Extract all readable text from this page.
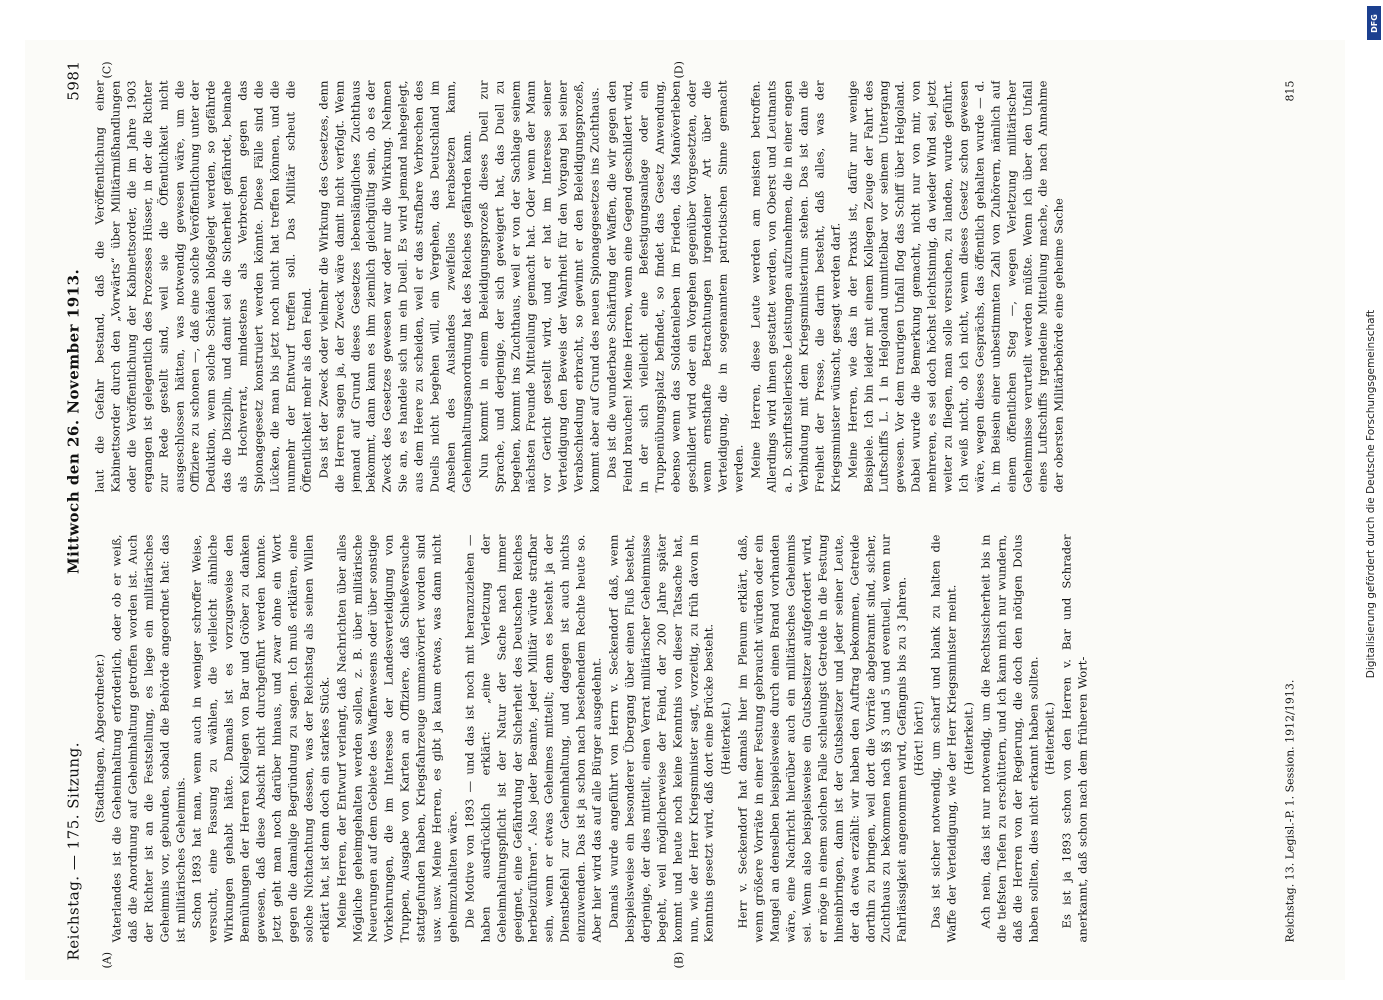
Reichstag. — 175. Sitzung.
Mittwoch den 26. November 1913.
5981
(A)	(B)
(C)	(D)

(Stadthagen, Abgeordneter.) Vaterlandes ist die Geheimhaltung erforderlich, oder ob er weiß, daß die Anordnung auf Geheimhaltung getroffen worden ist. Auch der Richter ist an die Feststellung, es liege ein militärisches Geheimnis vor, gebunden, sobald die Behörde angeordnet hat: das ist militärisches Geheimnis. Schon 1893 hat man, wenn auch in weniger schroffer Weise, versucht, eine Fassung zu wählen, die vielleicht ähnliche Wirkungen gehabt hätte. Damals ist es vorzugsweise den Bemühungen der Herren Kollegen von Bar und Gröber zu danken gewesen, daß diese Absicht nicht durchgeführt werden konnte. Jetzt geht man noch darüber hinaus, und zwar ohne ein Wort gegen die damalige Begründung zu sagen. Ich muß erklären, eine solche Nichtachtung dessen, was der Reichstag als seinen Willen erklärt hat, ist denn doch ein starkes Stück. Meine Herren, der Entwurf verlangt, daß Nachrichten über alles Mögliche geheimgehalten werden sollen, z. B. über militärische Neuerungen auf dem Gebiete des Waffenwesens oder über sonstige Vorkehrungen, die im Interesse der Landesverteidigung von Truppen, Ausgabe von Karten an Offiziere, daß Schießversuche stattgefunden haben, Kriegsfahrzeuge ummanövriert worden sind usw. usw. Meine Herren, es gibt ja kaum etwas, was dann nicht geheimzuhalten wäre. Die Motive von 1893 — und das ist noch mit heranzuziehen — haben ausdrücklich erklärt: „eine Verletzung der Geheimhaltungspflicht ist der Natur der Sache nach immer geeignet, eine Gefährdung der Sicherheit des Deutschen Reiches herbeizuführen“. Also jeder Beamte, jeder Militär würde strafbar sein, wenn er etwas Geheimes mitteilt; denn es besteht ja der Dienstbefehl zur Geheimhaltung, und dagegen ist auch nichts einzuwenden. Das ist ja schon nach bestehendem Rechte heute so. Aber hier wird das auf alle Bürger ausgedehnt. Damals wurde angeführt von Herrn v. Seckendorf daß, wenn beispielsweise ein besonderer Übergang über einen Fluß besteht, derjenige, der dies mitteilt, einen Verrat militärischer Geheimnisse begeht, weil möglicherweise der Feind, der 200 Jahre später kommt und heute noch keine Kenntnis von dieser Tatsache hat, nun, wie der Herr Kriegsminister sagt, vorzeitig, zu früh davon in Kenntnis gesetzt wird, daß dort eine Brücke besteht. (Heiterkeit.) Herr v. Seckendorf hat damals hier im Plenum erklärt, daß, wenn größere Vorräte in einer Festung gebraucht würden oder ein Mangel an denselben beispielsweise durch einen Brand vorhanden wäre, eine Nachricht hierüber auch ein militärisches Geheimnis sei. Wenn also beispielsweise ein Gutsbesitzer aufgefordert wird, er möge in einem solchen Falle schleunigst Getreide in die Festung hineinbringen, dann ist der Gutsbesitzer und jeder seiner Leute, der da etwa erzählt: wir haben den Auftrag bekommen, Getreide dorthin zu bringen, weil dort die Vorräte abgebrannt sind, sicher, Zuchthaus zu bekommen nach §§ 3 und 5 und eventuell, wenn nur Fahrlässigkeit angenommen wird, Gefängnis bis zu 3 Jahren. (Hört! hört!) Das ist sicher notwendig, um scharf und blank zu halten die Waffe der Verteidigung, wie der Herr Kriegsminister meint. (Heiterkeit.) Ach nein, das ist nur notwendig, um die Rechtssicherheit bis in die tiefsten Tiefen zu erschüttern, und ich kann mich nur wundern, daß die Herren von der Regierung, die doch den nötigen Dolus haben sollten, dies nicht erkannt haben sollten. (Heiterkeit.) Es ist ja 1893 schon von den Herren v. Bar und Schrader anerkannt, daß schon nach dem früheren Wort-

laut die Gefahr bestand, daß die Veröffentlichung einer Kabinettsorder durch den „Vorwärts“ über Militärmißhandlungen oder die Veröffentlichung der Kabinettsorder, die im Jahre 1903 ergangen ist gelegentlich des Prozesses Hüsser, in der die Richter zur Rede gestellt sind, weil sie die Öffentlichkeit nicht ausgeschlossen hätten, was notwendig gewesen wäre, um die Offiziere zu schonen —, daß eine solche Veröffentlichung unter der Deduktion, wenn solche Schäden bloßgelegt werden, so gefährde das die Disziplin, und damit sei die Sicherheit gefährdet, beinahe als Hochverrat, mindestens als Verbrechen gegen das Spionagegesetz konstruiert werden könnte. Diese Fälle sind die Lücken, die man bis jetzt noch nicht hat treffen können, und die nunmehr der Entwurf treffen soll. Das Militär scheut die Öffentlichkeit mehr als den Feind. Das ist der Zweck oder vielmehr die Wirkung des Gesetzes, denn die Herren sagen ja, der Zweck wäre damit nicht verfolgt. Wenn jemand auf Grund dieses Gesetzes lebenslängliches Zuchthaus bekommt, dann kann es ihm ziemlich gleichgültig sein, ob es der Zweck des Gesetzes gewesen war oder nur die Wirkung. Nehmen Sie an, es handele sich um ein Duell. Es wird jemand nahegelegt, aus dem Heere zu scheiden, weil er das strafbare Verbrechen des Duells nicht begehen will, ein Vergehen, das Deutschland im Ansehen des Auslandes zweifellos herabsetzen kann, Geheimhaltungsanordnung hat des Reiches gefährden kann. Nun kommt in einem Beleidigungsprozeß dieses Duell zur Sprache, und derjenige, der sich geweigert hat, das Duell zu begehen, kommt ins Zuchthaus, weil er von der Sachlage seinem nächsten Freunde Mitteilung gemacht hat. Oder wenn der Mann vor Gericht gestellt wird, und er hat im Interesse seiner Verteidigung den Beweis der Wahrheit für den Vorgang bei seiner Verabschiedung erbracht, so gewinnt er den Beleidigungsprozeß, kommt aber auf Grund des neuen Spionagegesetzes ins Zuchthaus. Das ist die wunderbare Schärfung der Waffen, die wir gegen den Feind brauchen! Meine Herren, wenn eine Gegend geschildert wird, in der sich vielleicht eine Befestigungsanlage oder ein Truppenübungsplatz befindet, so findet das Gesetz Anwendung, ebenso wenn das Soldatenleben im Frieden, das Manöverleben geschildert wird oder ein Vorgehen gegenüber Vorgesetzten, oder wenn ernsthafte Betrachtungen irgendeiner Art über die Verteidigung, die in sogenanntem patriotischen Sinne gemacht werden. Meine Herren, diese Leute werden am meisten betroffen. Allerdings wird ihnen gestattet werden, von Oberst und Leutnants a. D. schriftstellerische Leistungen aufzunehmen, die in einer engen Verbindung mit dem Kriegsministerium stehen. Das ist dann die Freiheit der Presse, die darin besteht, daß alles, was der Kriegsminister wünscht, gesagt werden darf. Meine Herren, wie das in der Praxis ist, dafür nur wenige Beispiele. Ich bin leider mit einem Kollegen Zeuge der Fahrt des Luftschiffs L. 1 in Helgoland unmittelbar vor seinem Untergang gewesen. Vor dem traurigen Unfall flog das Schiff über Helgoland. Dabei wurde die Bemerkung gemacht, nicht nur von mir, von mehreren, es sei doch höchst leichtsinnig, da wieder Wind sei, jetzt weiter zu fliegen, man solle versuchen, zu landen, wurde geführt. Ich weiß nicht, ob ich nicht, wenn dieses Gesetz schon gewesen wäre, wegen dieses Gesprächs, das öffentlich gehalten wurde — d. h. im Beisein einer unbestimmten Zahl von Zuhörern, nämlich auf einem öffentlichen Steg —, wegen Verletzung militärischer Geheimnisse verurteilt werden müßte. Wenn ich über den Unfall eines Luftschiffs irgendeine Mitteilung mache, die nach Annahme der obersten Militärbehörde eine geheime Sache

Reichstag. 13. Legisl.-P. 1. Session. 1912/1913.
815
Digitalisierung gefördert durch die Deutsche Forschungsgemeinschaft
DFG
